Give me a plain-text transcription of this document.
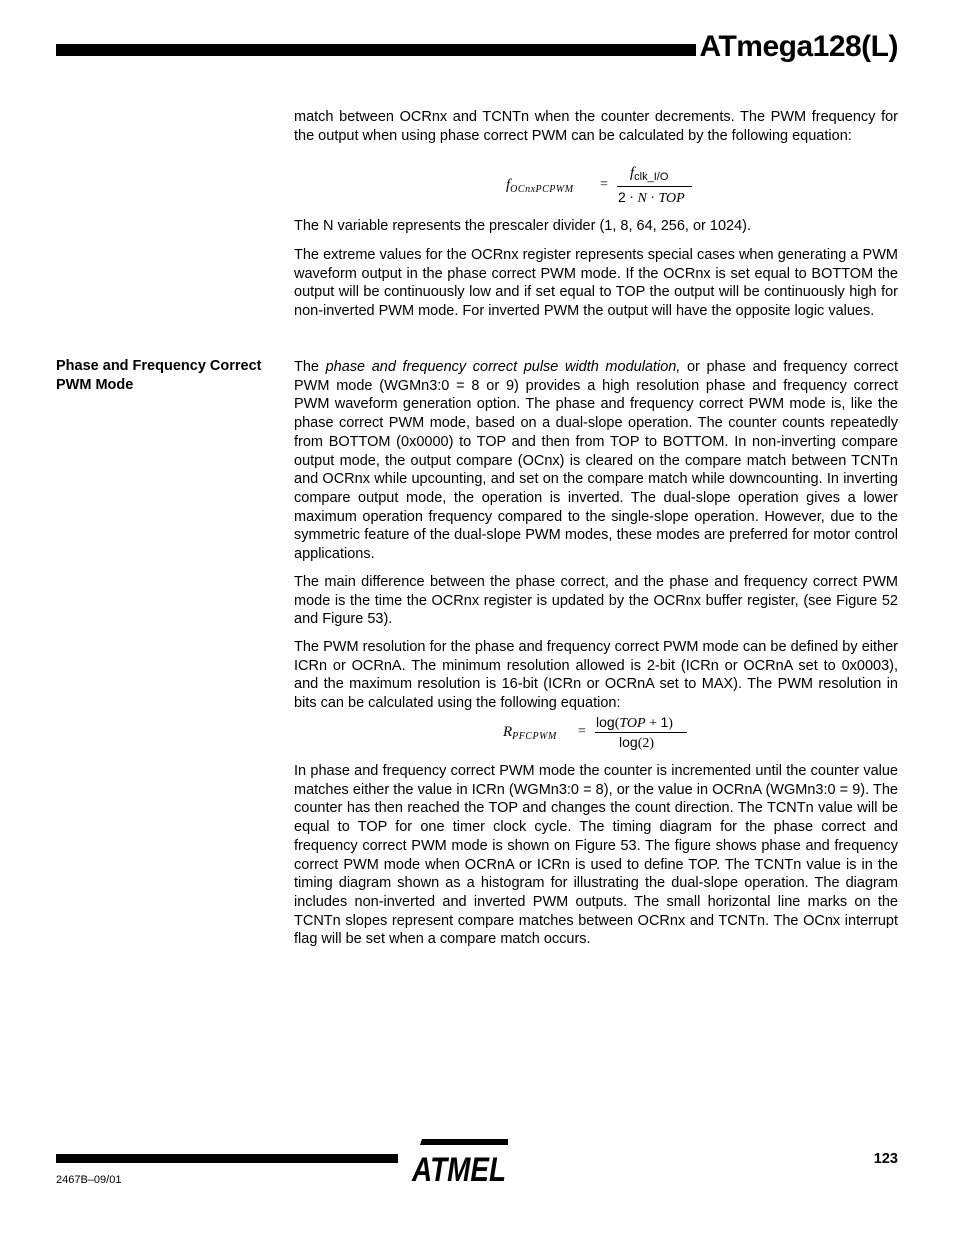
ATmega128(L)

match between OCRnx and TCNTn when the counter decrements. The PWM frequency for the output when using phase correct PWM can be calculated by the following equation:

$f_{OCnxPCPWM}$ =
$f_{clk\_I/O}$
2 · N · TOP

The N variable represents the prescaler divider (1, 8, 64, 256, or 1024).

The extreme values for the OCRnx register represents special cases when generating a PWM waveform output in the phase correct PWM mode. If the OCRnx is set equal to BOTTOM the output will be continuously low and if set equal to TOP the output will be continuously high for non-inverted PWM mode. For inverted PWM the output will have the opposite logic values.

Phase and Frequency Correct
PWM Mode

The phase and frequency correct pulse width modulation, or phase and frequency correct PWM mode (WGMn3:0 = 8 or 9) provides a high resolution phase and frequency correct PWM waveform generation option. The phase and frequency correct PWM mode is, like the phase correct PWM mode, based on a dual-slope operation. The counter counts repeatedly from BOTTOM (0x0000) to TOP and then from TOP to BOTTOM. In non-inverting compare output mode, the output compare (OCnx) is cleared on the compare match between TCNTn and OCRnx while upcounting, and set on the compare match while downcounting. In inverting compare output mode, the operation is inverted. The dual-slope operation gives a lower maximum operation frequency compared to the single-slope operation. However, due to the symmetric feature of the dual-slope PWM modes, these modes are preferred for motor control applications.

The main difference between the phase correct, and the phase and frequency correct PWM mode is the time the OCRnx register is updated by the OCRnx buffer register, (see Figure 52 and Figure 53).

The PWM resolution for the phase and frequency correct PWM mode can be defined by either ICRn or OCRnA. The minimum resolution allowed is 2-bit (ICRn or OCRnA set to 0x0003), and the maximum resolution is 16-bit (ICRn or OCRnA set to MAX). The PWM resolution in bits can be calculated using the following equation:

$R_{PFCPWM}$ =
log(TOP + 1)
log(2)

In phase and frequency correct PWM mode the counter is incremented until the counter value matches either the value in ICRn (WGMn3:0 = 8), or the value in OCRnA (WGMn3:0 = 9). The counter has then reached the TOP and changes the count direction. The TCNTn value will be equal to TOP for one timer clock cycle. The timing diagram for the phase correct and frequency correct PWM mode is shown on Figure 53. The figure shows phase and frequency correct PWM mode when OCRnA or ICRn is used to define TOP. The TCNTn value is in the timing diagram shown as a histogram for illustrating the dual-slope operation. The diagram includes non-inverted and inverted PWM outputs. The small horizontal line marks on the TCNTn slopes represent compare matches between OCRnx and TCNTn. The OCnx interrupt flag will be set when a compare match occurs.

ATMEL	123
2467B–09/01
